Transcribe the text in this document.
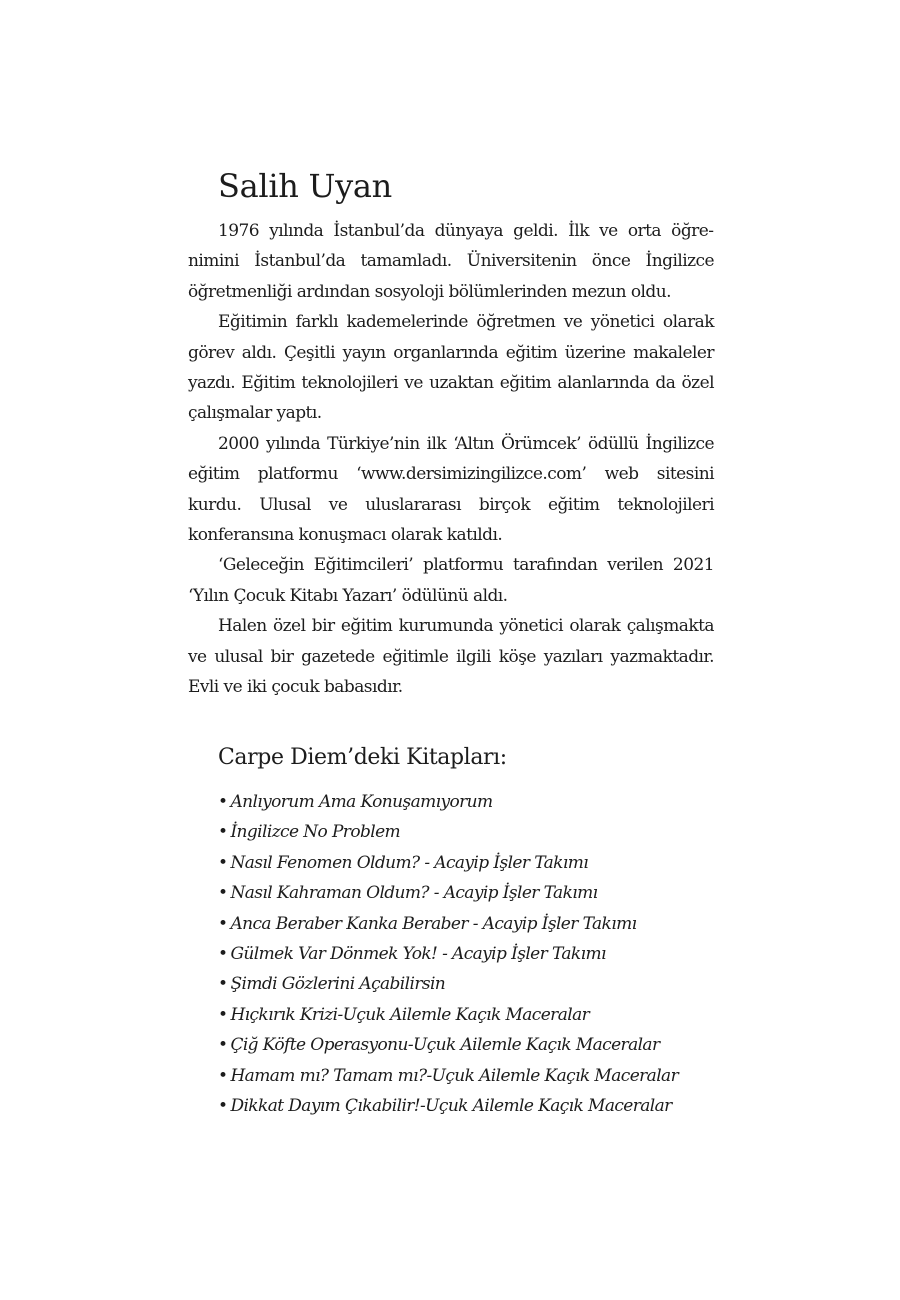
Salih Uyan

1976 yılında İstanbul’da dünyaya geldi. İlk ve orta öğrenimini İstanbul’da tamamladı. Üniversitenin önce İngilizce öğretmenliği ardından sosyoloji bölümlerinden mezun oldu.

Eğitimin farklı kademelerinde öğretmen ve yönetici olarak görev aldı. Çeşitli yayın organlarında eğitim üzerine makaleler yazdı. Eğitim teknolojileri ve uzaktan eğitim alanlarında da özel çalışmalar yaptı.

2000 yılında Türkiye’nin ilk ‘Altın Örümcek’ ödüllü İngilizce eğitim platformu ‘www.dersimizingilizce.com’ web sitesini kurdu. Ulusal ve uluslararası birçok eğitim teknolojileri konferansına konuşmacı olarak katıldı.

‘Geleceğin Eğitimcileri’ platformu tarafından verilen 2021 ‘Yılın Çocuk Kitabı Yazarı’ ödülünü aldı.

Halen özel bir eğitim kurumunda yönetici olarak çalışmakta ve ulusal bir gazetede eğitimle ilgili köşe yazıları yazmaktadır. Evli ve iki çocuk babasıdır.

Carpe Diem’deki Kitapları:
• Anlıyorum Ama Konuşamıyorum
• İngilizce No Problem
• Nasıl Fenomen Oldum? - Acayip İşler Takımı
• Nasıl Kahraman Oldum? - Acayip İşler Takımı
• Anca Beraber Kanka Beraber - Acayip İşler Takımı
• Gülmek Var Dönmek Yok! - Acayip İşler Takımı
• Şimdi Gözlerini Açabilirsin
• Hıçkırık Krizi-Uçuk Ailemle Kaçık Maceralar
• Çiğ Köfte Operasyonu-Uçuk Ailemle Kaçık Maceralar
• Hamam mı? Tamam mı?-Uçuk Ailemle Kaçık Maceralar
• Dikkat Dayım Çıkabilir!-Uçuk Ailemle Kaçık Maceralar
